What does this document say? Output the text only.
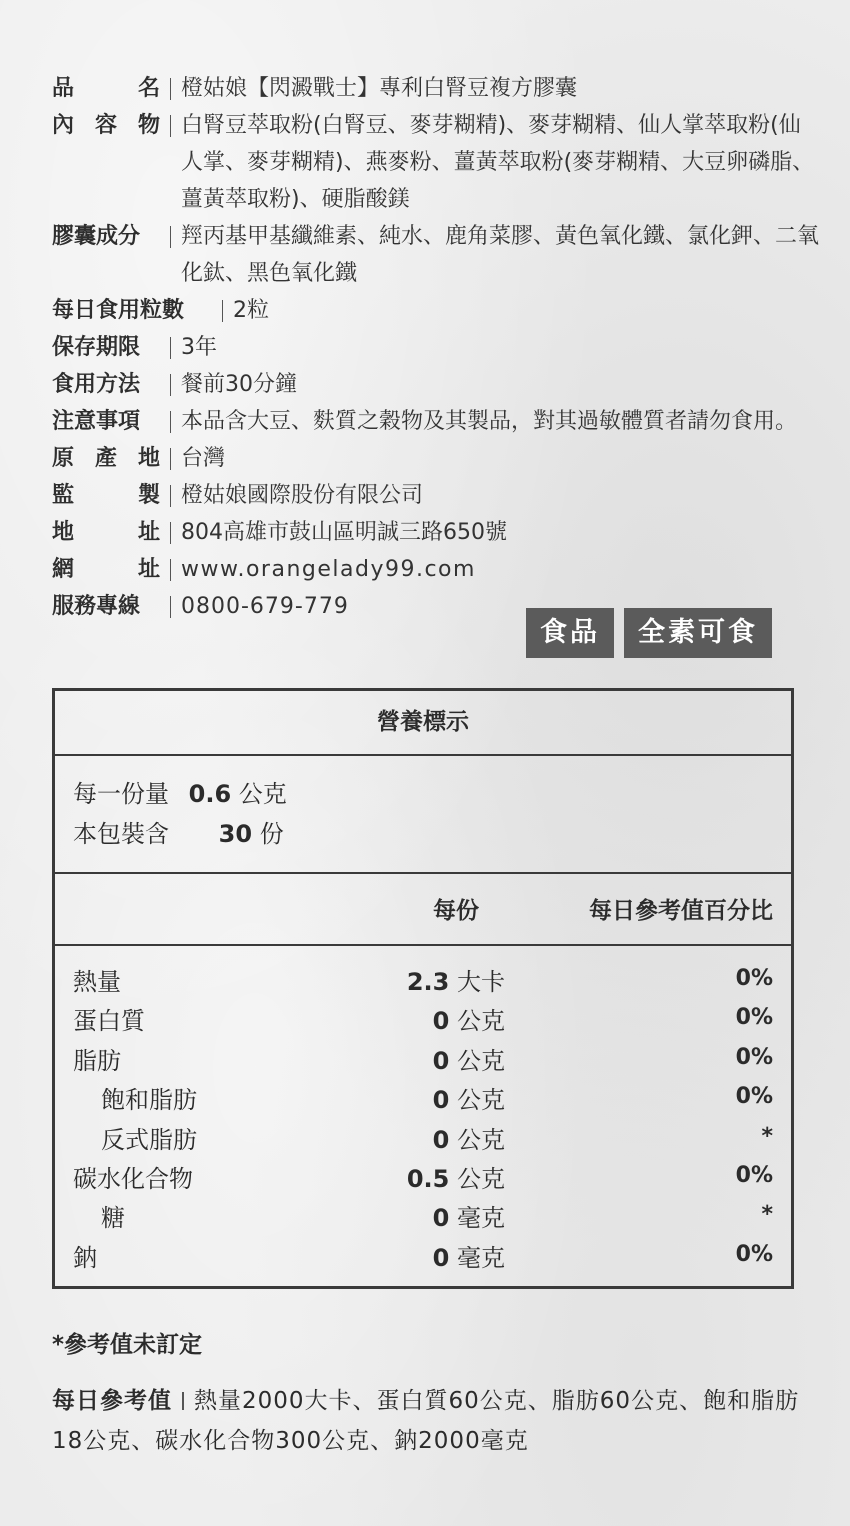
品	名 橙姑娘【閃澱戰士】專利白腎豆複方膠囊
內 容 物 白腎豆萃取粉(白腎豆、麥芽糊精)、麥芽糊精、仙人掌萃取粉(仙人掌、麥芽糊精)、燕麥粉、薑黃萃取粉(麥芽糊精、大豆卵磷脂、薑黃萃取粉)、硬脂酸鎂
膠囊成分	羥丙基甲基纖維素、純水、鹿角菜膠、黃色氧化鐵、氯化鉀、二氧化鈦、黑色氧化鐵
每日食用粒數	2粒
保存期限	3年
食用方法	餐前30分鐘
注意事項	本品含大豆、麩質之穀物及其製品，對其過敏體質者請勿食用。
原 產 地 台灣
監	製 橙姑娘國際股份有限公司
地	址 804高雄市鼓山區明誠三路650號
網	址 www.orangelady99.com
服務專線	0800-679-779
食品	全素可食
營養標示
每一份量 0.6 公克
本包裝含 30 份
每份	每日參考值百分比
熱量	2.3 大卡	0%
蛋白質	0 公克	0%
脂肪	0 公克	0%
飽和脂肪	0 公克	0%
反式脂肪	0 公克	*
碳水化合物	0.5 公克	0%
糖	0 毫克	*
鈉	0 毫克	0%
*參考值未訂定
每日參考值 熱量2000大卡、蛋白質60公克、脂肪60公克、飽和脂肪18公克、碳水化合物300公克、鈉2000毫克
